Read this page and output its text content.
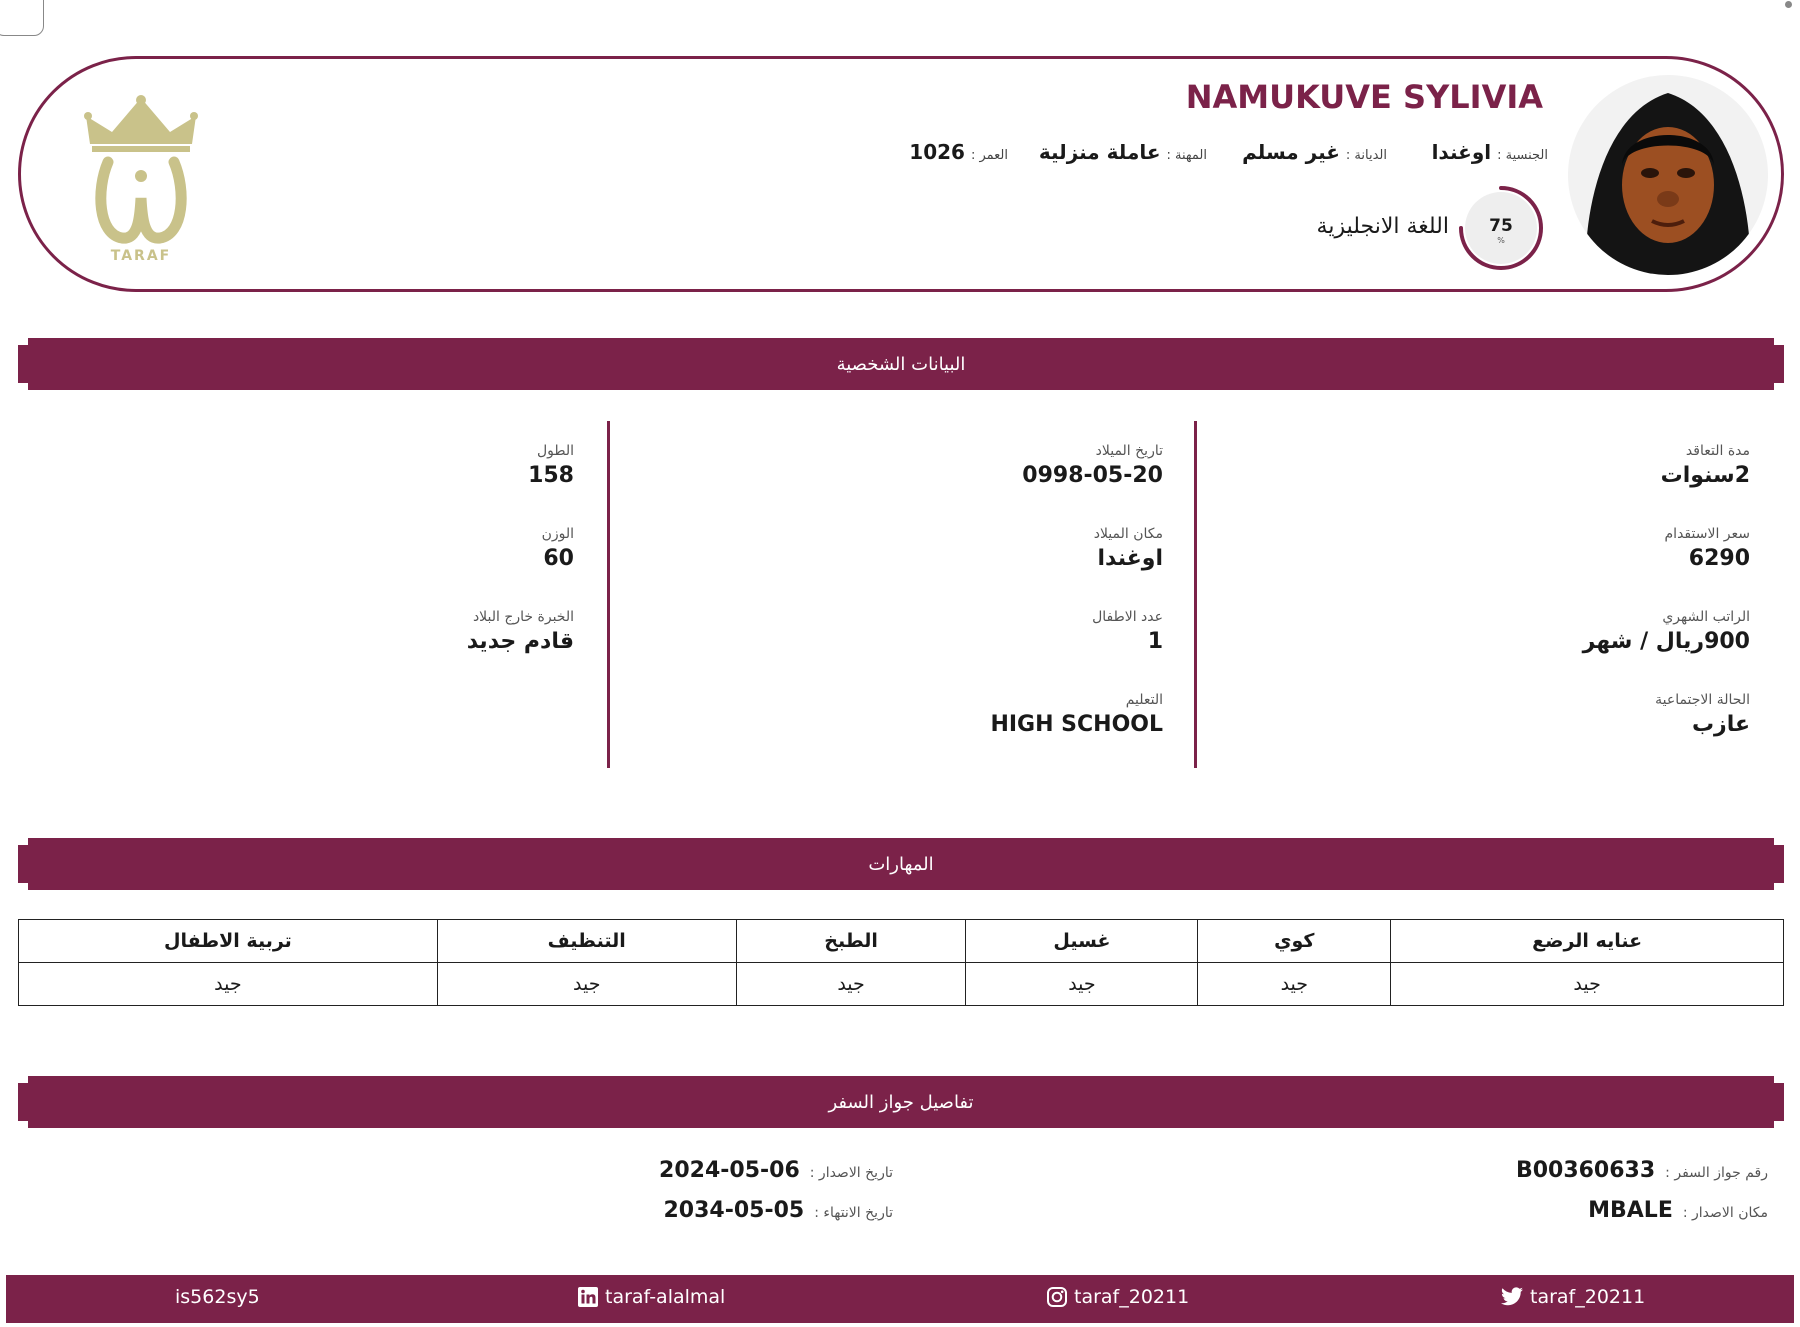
NAMUKUVE SYLIVIA
الجنسية :
اوغندا
الديانة :
غير مسلم
المهنة :
عاملة منزلية
العمر :
1026
75
%
اللغة الانجليزية
TARAF
البيانات الشخصية
مدة التعاقد
2سنوات
سعر الاستقدام
6290
الراتب الشهري
900ريال / شهر
الحالة الاجتماعية
عازب
تاريخ الميلاد
0998-05-20
مكان الميلاد
اوغندا
عدد الاطفال
1
التعليم
HIGH SCHOOL
الطول
158
الوزن
60
الخبرة خارج البلاد
قادم جديد
المهارات
عنايه الرضع	كوي	غسيل	الطبخ	التنظيف	تربية الاطفال
جيد	جيد	جيد	جيد	جيد	جيد
تفاصيل جواز السفر
رقم جواز السفر :
B00360633
مكان الاصدار :
MBALE
تاريخ الاصدار :
2024-05-06
تاريخ الانتهاء :
2034-05-05
taraf_20211
taraf_20211
taraf-alalmal
is562sy5
